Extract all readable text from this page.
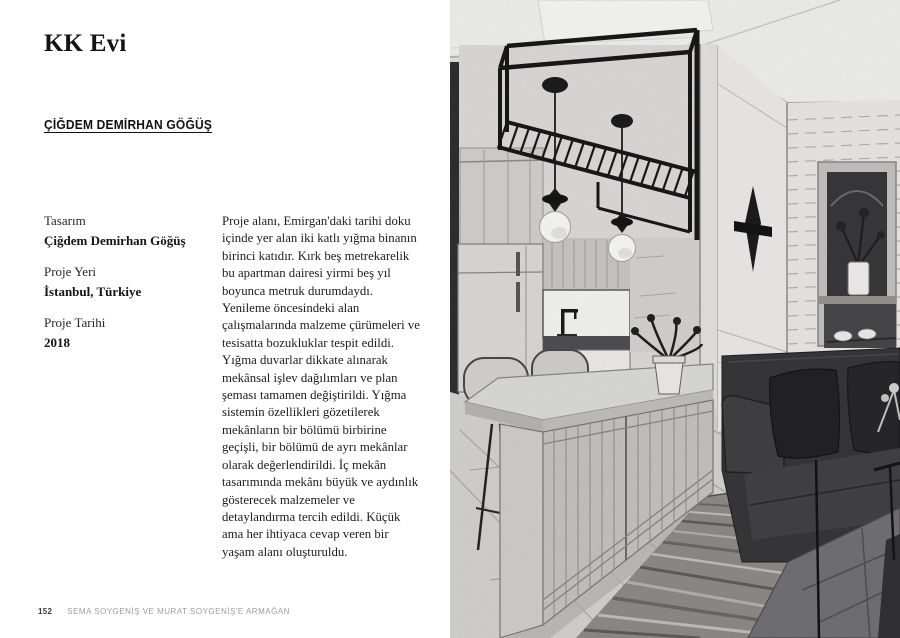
KK Evi
ÇİĞDEM DEMİRHAN GÖĞÜŞ
Tasarım
Çiğdem Demirhan Göğüş
Proje Yeri
İstanbul, Türkiye
Proje Tarihi
2018
Proje alanı, Emirgan'daki tarihi doku içinde yer alan iki katlı yığma binanın birinci katıdır. Kırk beş metrekarelik bu apartman dairesi yirmi beş yıl boyunca metruk durumdaydı. Yenileme öncesindeki alan çalışmalarında malzeme çürümeleri ve tesisatta bozukluklar tespit edildi. Yığma duvarlar dikkate alınarak mekânsal işlev dağılımları ve plan şeması tamamen değiştirildi. Yığma sistemin özellikleri gözetilerek mekânların bir bölümü birbirine geçişli, bir bölümü de ayrı mekânlar olarak değerlendirildi. İç mekân tasarımında mekânı büyük ve aydınlık gösterecek malzemeler ve detaylandırma tercih edildi. Küçük ama her ihtiyaca cevap veren bir yaşam alanı oluşturuldu.
152 SEMA SOYGENİŞ VE MURAT SOYGENİŞ'E ARMAĞAN
